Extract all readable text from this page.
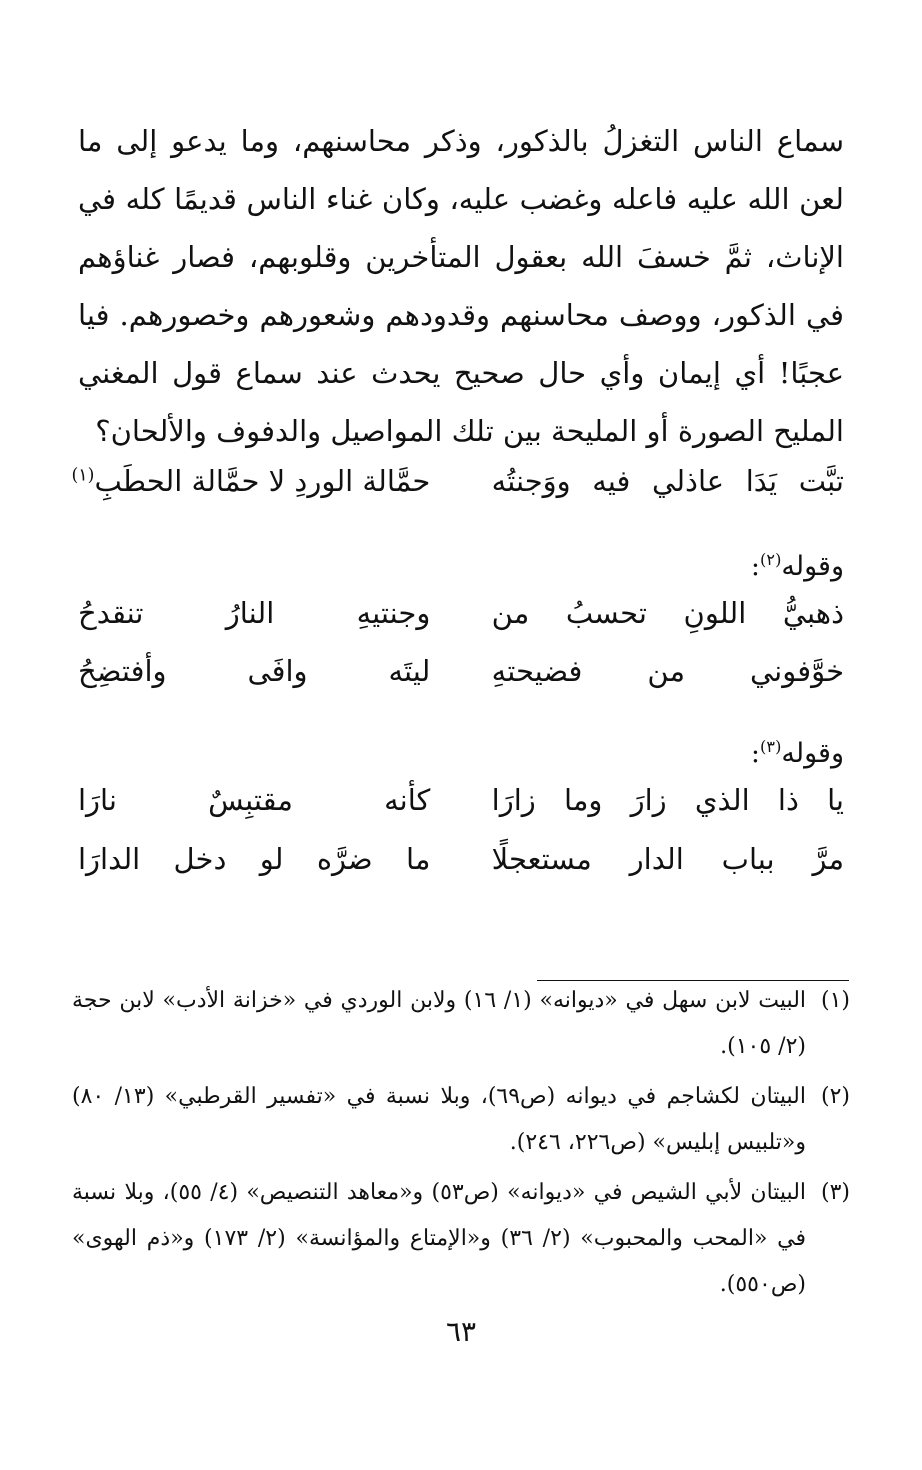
سماع الناس التغزلُ بالذكور، وذكر محاسنهم، وما يدعو إلى ما لعن الله عليه فاعله وغضب عليه، وكان غناء الناس قديمًا كله في الإناث، ثمَّ خسفَ الله بعقول المتأخرين وقلوبهم، فصار غناؤهم في الذكور، ووصف محاسنهم وقدودهم وشعورهم وخصورهم. فيا عجبًا! أي إيمان وأي حال صحيح يحدث عند سماع قول المغني المليح الصورة أو المليحة بين تلك المواصيل والدفوف والألحان؟

تبَّت يَدَا عاذلي فيه ووَجنتُه
حمَّالة الوردِ لا حمَّالة الحطَبِ$^{(١)}$
وقوله$^{(٢)}$:
ذهبيُّ اللونِ تحسبُ من
وجنتيهِ النارُ تنقدحُ
خوَّفوني من فضيحتهِ
ليتَه وافَى وأفتضِحُ
وقوله$^{(٣)}$:
يا ذا الذي زارَ وما زارَا
كأنه مقتبِسٌ نارَا
مرَّ بباب الدار مستعجلًا
ما ضرَّه لو دخل الدارَا
(١)
البيت لابن سهل في «ديوانه» (١/ ١٦) ولابن الوردي في «خزانة الأدب» لابن حجة (٢/ ١٠٥).
(٢)
البيتان لكشاجم في ديوانه (ص٦٩)، وبلا نسبة في «تفسير القرطبي» (١٣/ ٨٠) و«تلبيس إبليس» (ص٢٢٦، ٢٤٦).
(٣)
البيتان لأبي الشيص في «ديوانه» (ص٥٣) و«معاهد التنصيص» (٤/ ٥٥)، وبلا نسبة في «المحب والمحبوب» (٢/ ٣٦) و«الإمتاع والمؤانسة» (٢/ ١٧٣) و«ذم الهوى» (ص٥٥٠).
٦٣
